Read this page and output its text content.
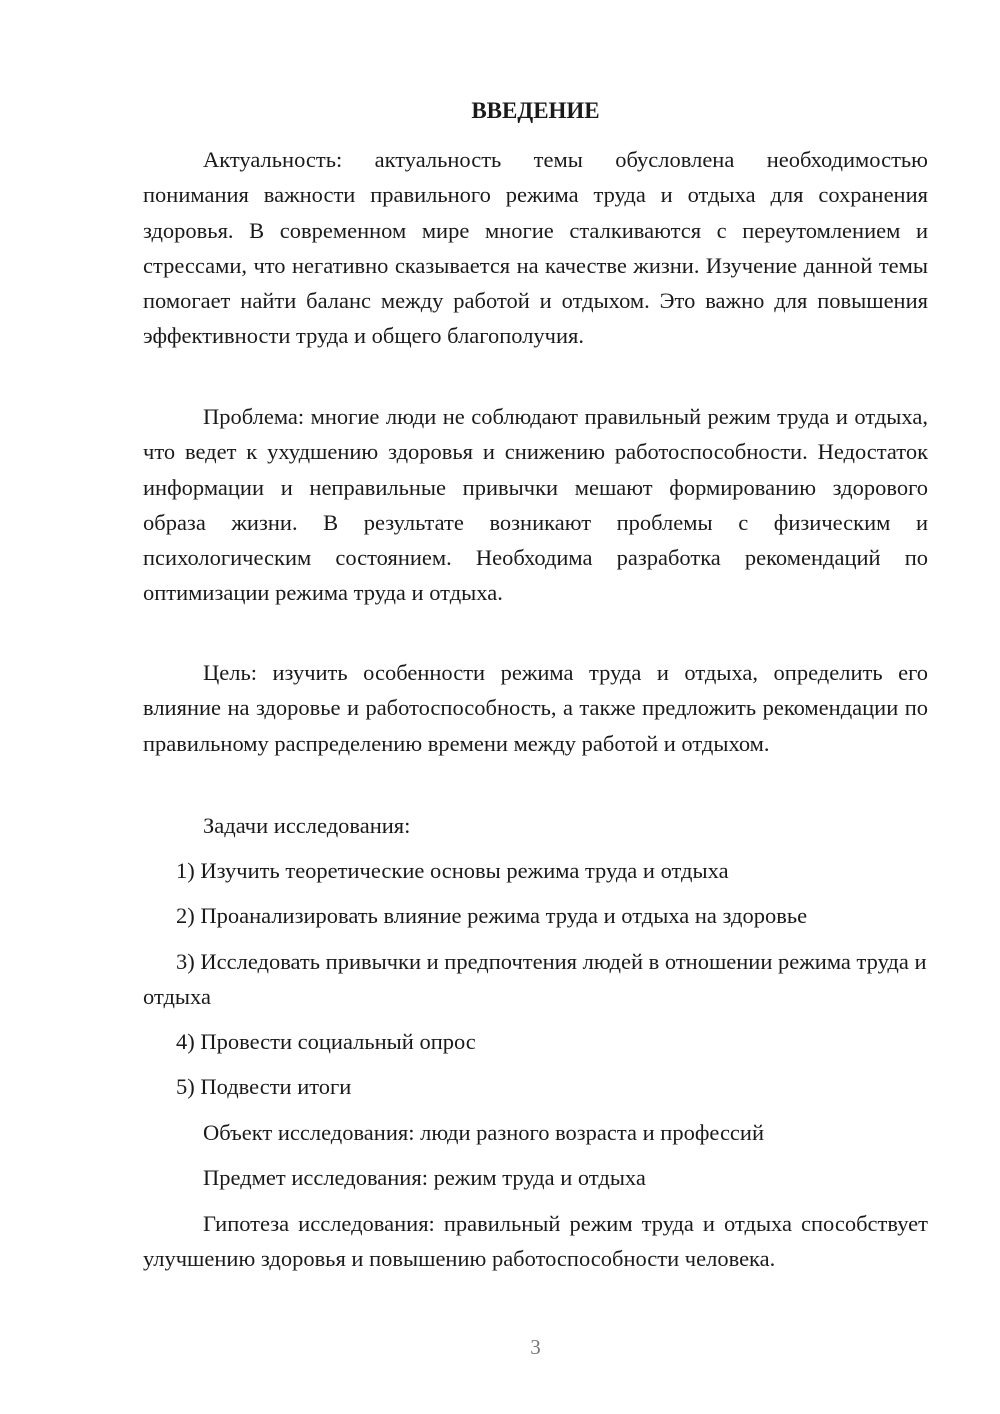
ВВЕДЕНИЕ

Актуальность: актуальность темы обусловлена необходимостью понимания важности правильного режима труда и отдыха для сохранения здоровья. В современном мире многие сталкиваются с переутомлением и стрессами, что негативно сказывается на качестве жизни. Изучение данной темы помогает найти баланс между работой и отдыхом. Это важно для повышения эффективности труда и общего благополучия.

Проблема: многие люди не соблюдают правильный режим труда и отдыха, что ведет к ухудшению здоровья и снижению работоспособности. Недостаток информации и неправильные привычки мешают формированию здорового образа жизни. В результате возникают проблемы с физическим и психологическим состоянием. Необходима разработка рекомендаций по оптимизации режима труда и отдыха.

Цель: изучить особенности режима труда и отдыха, определить его влияние на здоровье и работоспособность, а также предложить рекомендации по правильному распределению времени между работой и отдыхом.

Задачи исследования:

1) Изучить теоретические основы режима труда и отдыха

2) Проанализировать влияние режима труда и отдыха на здоровье

3) Исследовать привычки и предпочтения людей в отношении режима труда и отдыха

4) Провести социальный опрос

5) Подвести итоги

Объект исследования: люди разного возраста и профессий

Предмет исследования: режим труда и отдыха

Гипотеза исследования: правильный режим труда и отдыха способствует улучшению здоровья и повышению работоспособности человека.

3
